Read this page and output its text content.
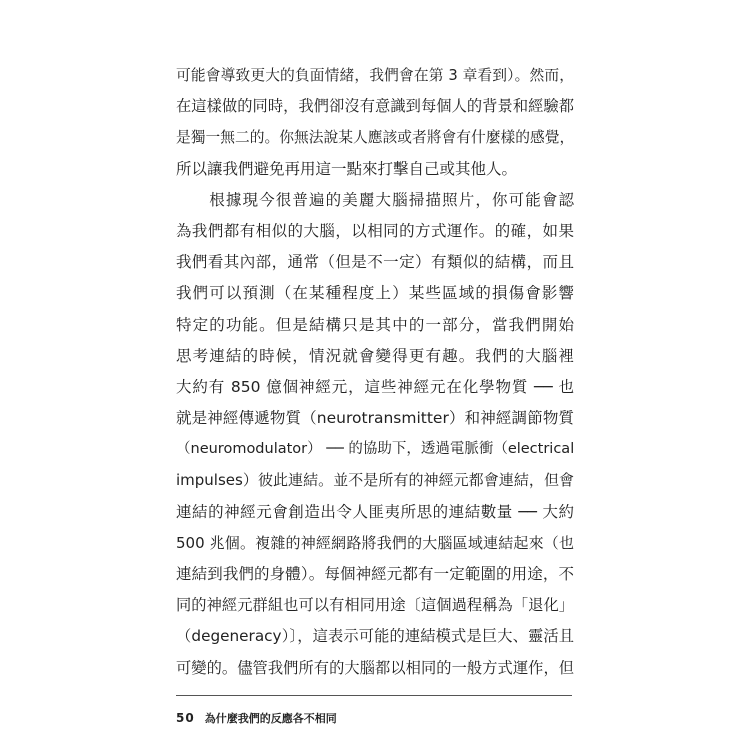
可能會導致更大的負面情緒，我們會在第 3 章看到）。然而，
在這樣做的同時，我們卻沒有意識到每個人的背景和經驗都
是獨一無二的。你無法說某人應該或者將會有什麼樣的感覺，
所以讓我們避免再用這一點來打擊自己或其他人。
　　根據現今很普遍的美麗大腦掃描照片，你可能會認
為我們都有相似的大腦，以相同的方式運作。的確，如果
我們看其內部，通常（但是不一定）有類似的結構，而且
我們可以預測（在某種程度上）某些區域的損傷會影響
特定的功能。但是結構只是其中的一部分，當我們開始
思考連結的時候，情況就會變得更有趣。我們的大腦裡
大約有 850 億個神經元，這些神經元在化學物質 ── 也
就是神經傳遞物質（neurotransmitter）和神經調節物質
（neuromodulator） ── 的協助下，透過電脈衝（electrical
impulses）彼此連結。並不是所有的神經元都會連結，但會
連結的神經元會創造出令人匪夷所思的連結數量 ── 大約
500 兆個。複雜的神經網路將我們的大腦區域連結起來（也
連結到我們的身體）。每個神經元都有一定範圍的用途，不
同的神經元群組也可以有相同用途〔這個過程稱為「退化」
（degeneracy）〕，這表示可能的連結模式是巨大、靈活且
可變的。儘管我們所有的大腦都以相同的一般方式運作，但
50 為什麼我們的反應各不相同
